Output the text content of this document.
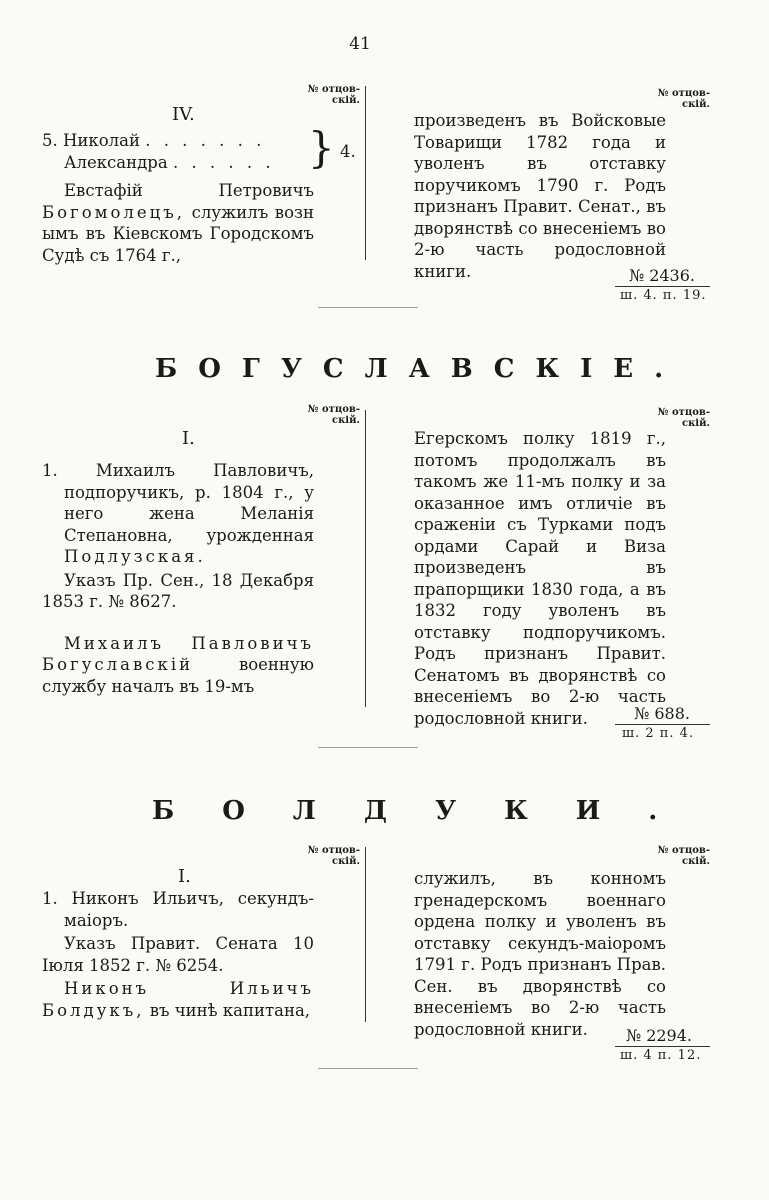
41
№ отцов-
скій.
№ отцов-
скій.
IV.
5. Николай . . . . . . .
Александра . . . . . . } 4.

Евстафій Петровичъ Богомолецъ, служилъ возн ымъ въ Кіевскомъ Городскомъ Судѣ съ 1764 г.,

произведенъ въ Войсковые Товарищи 1782 года и уволенъ въ отставку поручикомъ 1790 г. Родъ признанъ Правит. Сенат., въ дворянствѣ со внесеніемъ во 2-ю часть родословной книги.	№ 2436.
ш. 4. п. 19.
БОГУСЛАВСКІЕ.
№ отцов-
скій.
№ отцов-
скій.
I.

1. Михаилъ Павловичъ, подпоручикъ, р. 1804 г., у него жена Меланія Степановна, урожденная Подлузская.

Указъ Пр. Сен., 18 Декабря 1853 г. № 8627.

Михаилъ Павловичъ Богуславскій	военную службу началъ въ 19-мъ

Егерскомъ полку 1819 г., потомъ продолжалъ въ такомъ же 11-мъ полку и за оказанное имъ отличіе въ сраженіи съ Турками подъ ордами Сарай и Виза произведенъ въ прапорщики 1830 года, а въ 1832 году уволенъ въ отставку подпоручикомъ. Родъ признанъ Правит. Сенатомъ въ дворянствѣ со внесеніемъ во 2-ю часть родословной книги.	№ 688.
ш. 2 п. 4.
БОЛДУКИ.
№ отцов-
скій.
№ отцов-
скій.
I.

1. Никонъ Ильичъ, секундъ-маіоръ.

Указъ Правит. Сената 10 Іюля 1852 г. № 6254.

Никонъ Ильичъ Болдукъ, въ чинѣ капитана,

служилъ, въ конномъ гренадерскомъ военнаго ордена полку и уволенъ въ отставку секундъ-маіоромъ 1791 г. Родъ признанъ Прав. Сен. въ дворянствѣ со внесеніемъ во 2-ю часть родословной книги.	№ 2294.
ш. 4 п. 12.
